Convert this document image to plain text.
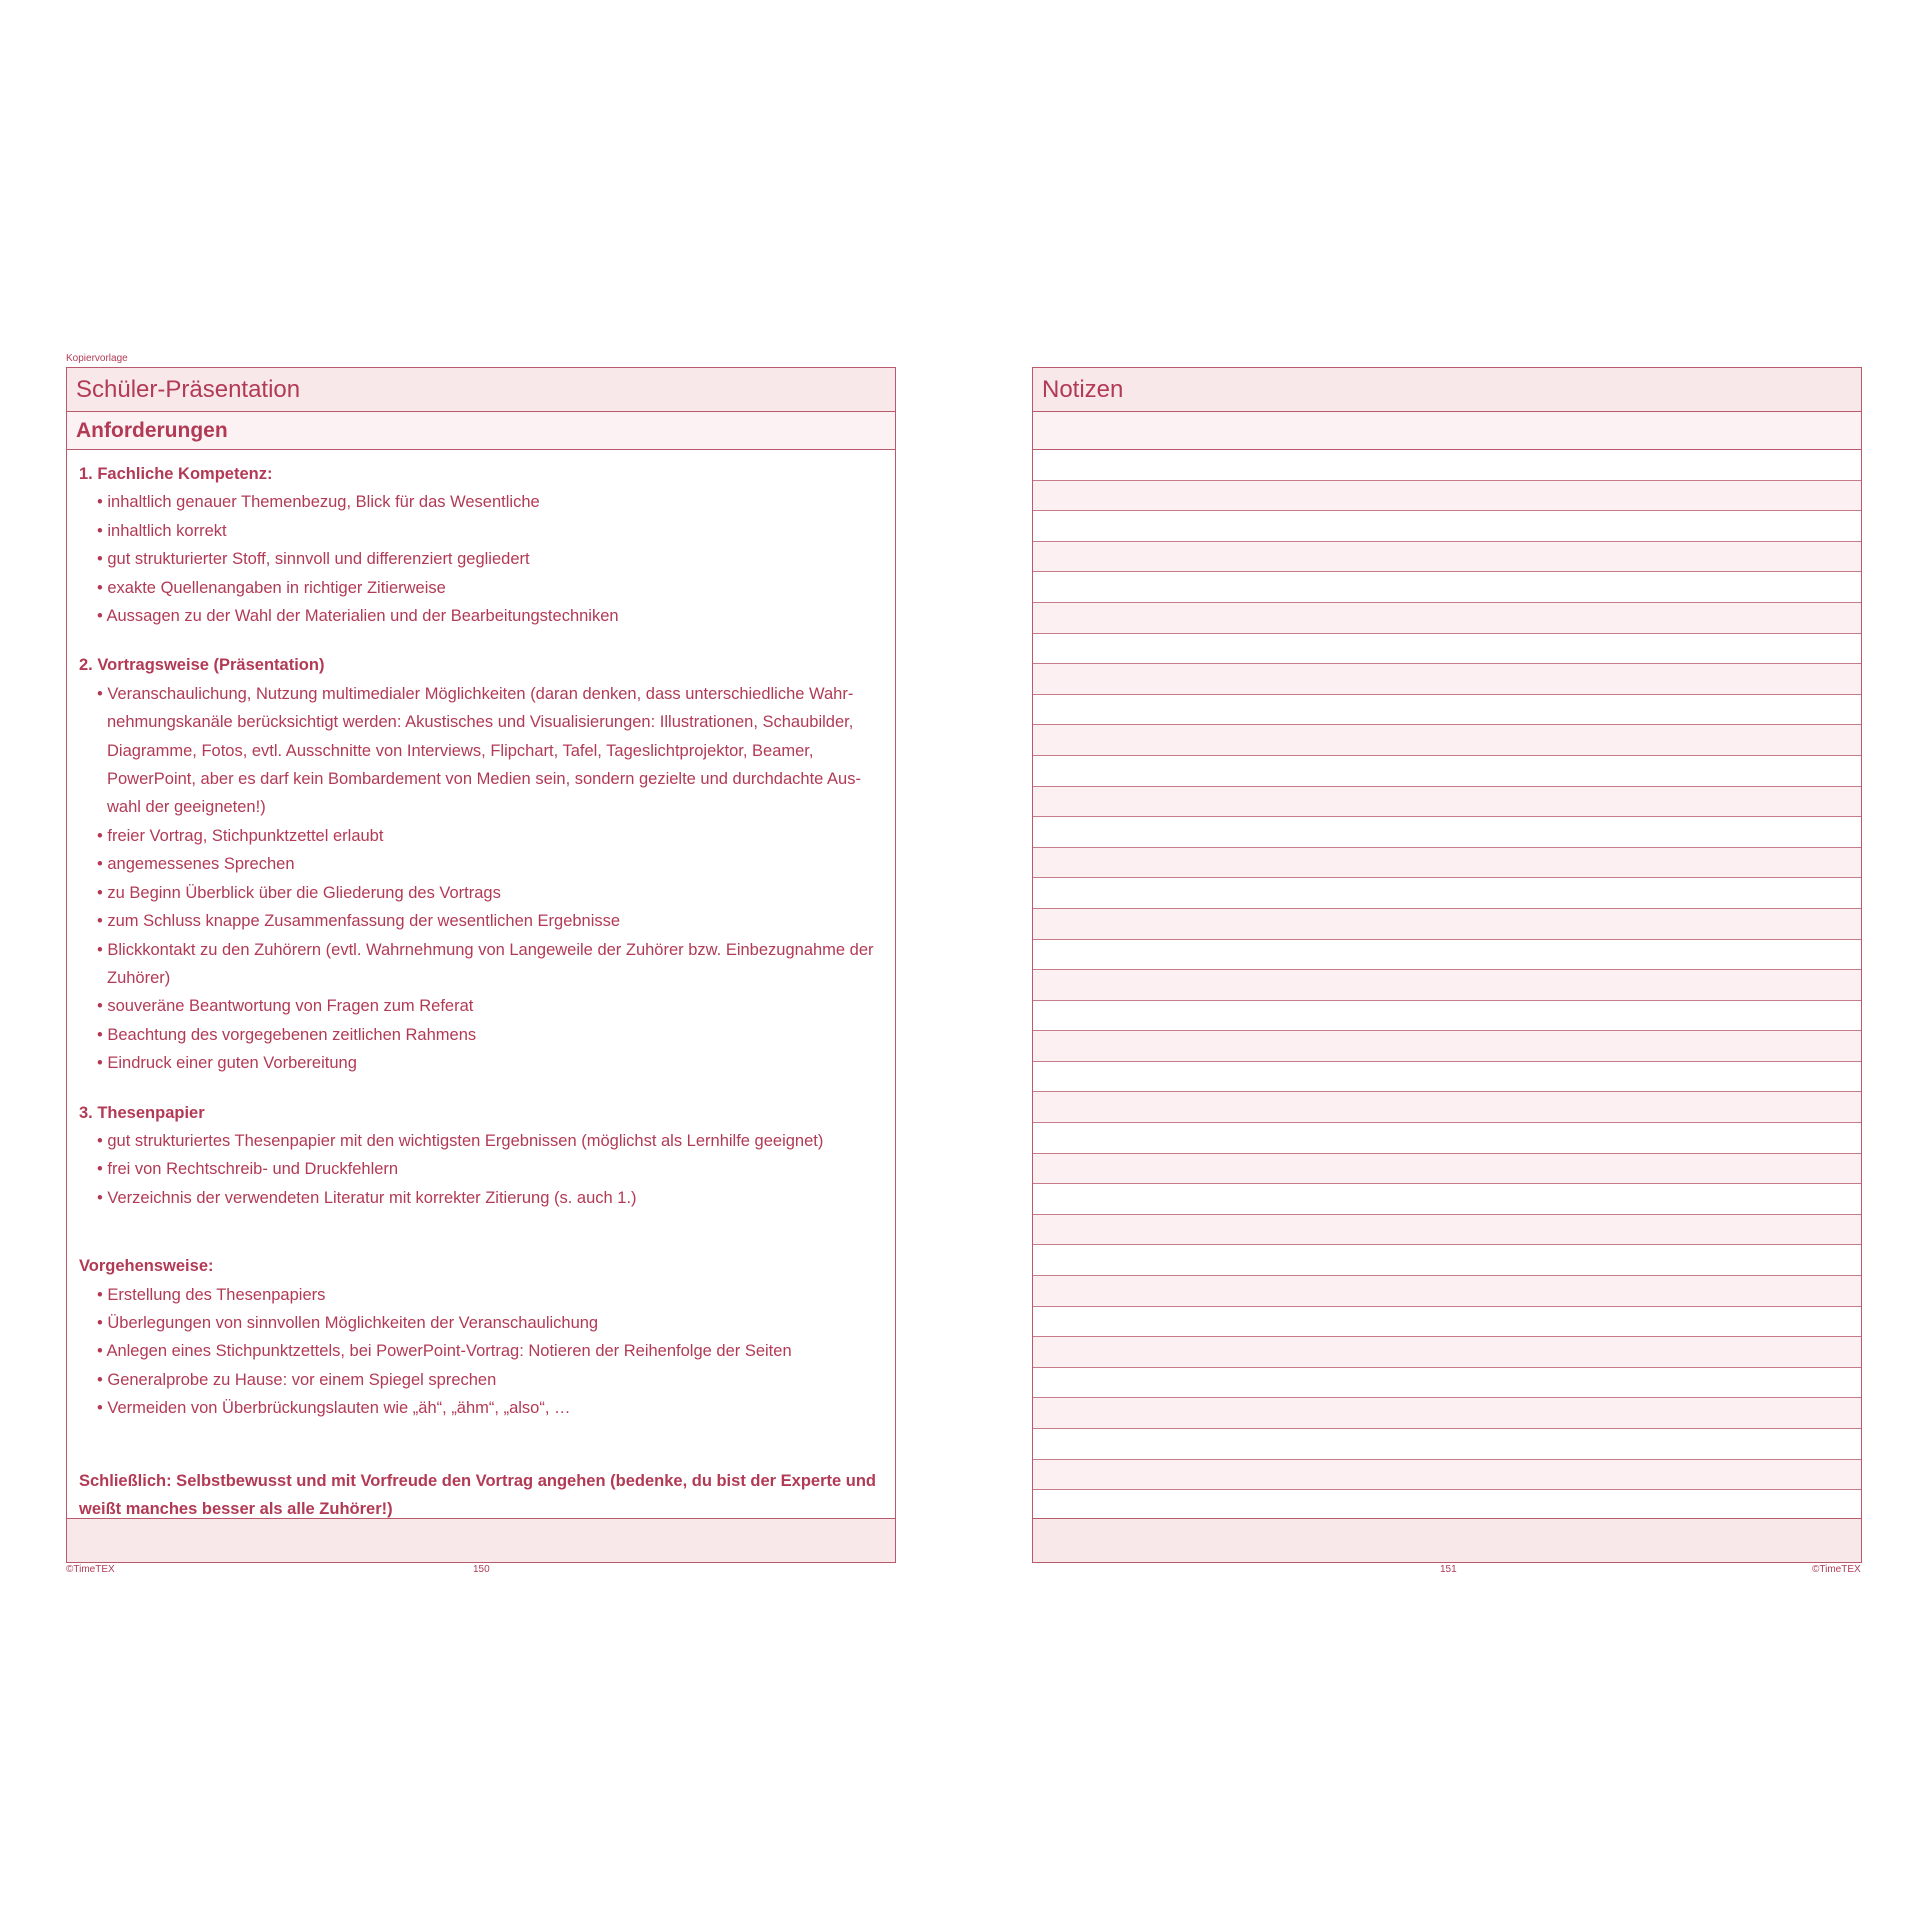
Kopiervorlage
Schüler-Präsentation
Anforderungen
1. Fachliche Kompetenz:
• inhaltlich genauer Themenbezug, Blick für das Wesentliche
• inhaltlich korrekt
• gut strukturierter Stoff, sinnvoll und differenziert gegliedert
• exakte Quellenangaben in richtiger Zitierweise
• Aussagen zu der Wahl der Materialien und der Bearbeitungstechniken
2. Vortragsweise (Präsentation)
• Veranschaulichung, Nutzung multimedialer Möglichkeiten (daran denken, dass unterschiedliche Wahr-
nehmungskanäle berücksichtigt werden: Akustisches und Visualisierungen: Illustrationen, Schaubilder,
Diagramme, Fotos, evtl. Ausschnitte von Interviews, Flipchart, Tafel, Tageslichtprojektor, Beamer,
PowerPoint, aber es darf kein Bombardement von Medien sein, sondern gezielte und durchdachte Aus-
wahl der geeigneten!)
• freier Vortrag, Stichpunktzettel erlaubt
• angemessenes Sprechen
• zu Beginn Überblick über die Gliederung des Vortrags
• zum Schluss knappe Zusammenfassung der wesentlichen Ergebnisse
• Blickkontakt zu den Zuhörern (evtl. Wahrnehmung von Langeweile der Zuhörer bzw. Einbezugnahme der
Zuhörer)
• souveräne Beantwortung von Fragen zum Referat
• Beachtung des vorgegebenen zeitlichen Rahmens
• Eindruck einer guten Vorbereitung
3. Thesenpapier
• gut strukturiertes Thesenpapier mit den wichtigsten Ergebnissen (möglichst als Lernhilfe geeignet)
• frei von Rechtschreib- und Druckfehlern
• Verzeichnis der verwendeten Literatur mit korrekter Zitierung (s. auch 1.)
Vorgehensweise:
• Erstellung des Thesenpapiers
• Überlegungen von sinnvollen Möglichkeiten der Veranschaulichung
• Anlegen eines Stichpunktzettels, bei PowerPoint-Vortrag: Notieren der Reihenfolge der Seiten
• Generalprobe zu Hause: vor einem Spiegel sprechen
• Vermeiden von Überbrückungslauten wie „äh“, „ähm“, „also“, …
Schließlich: Selbstbewusst und mit Vorfreude den Vortrag angehen (bedenke, du bist der Experte und
weißt manches besser als alle Zuhörer!)
Notizen
©TimeTEX	150	151	©TimeTEX
